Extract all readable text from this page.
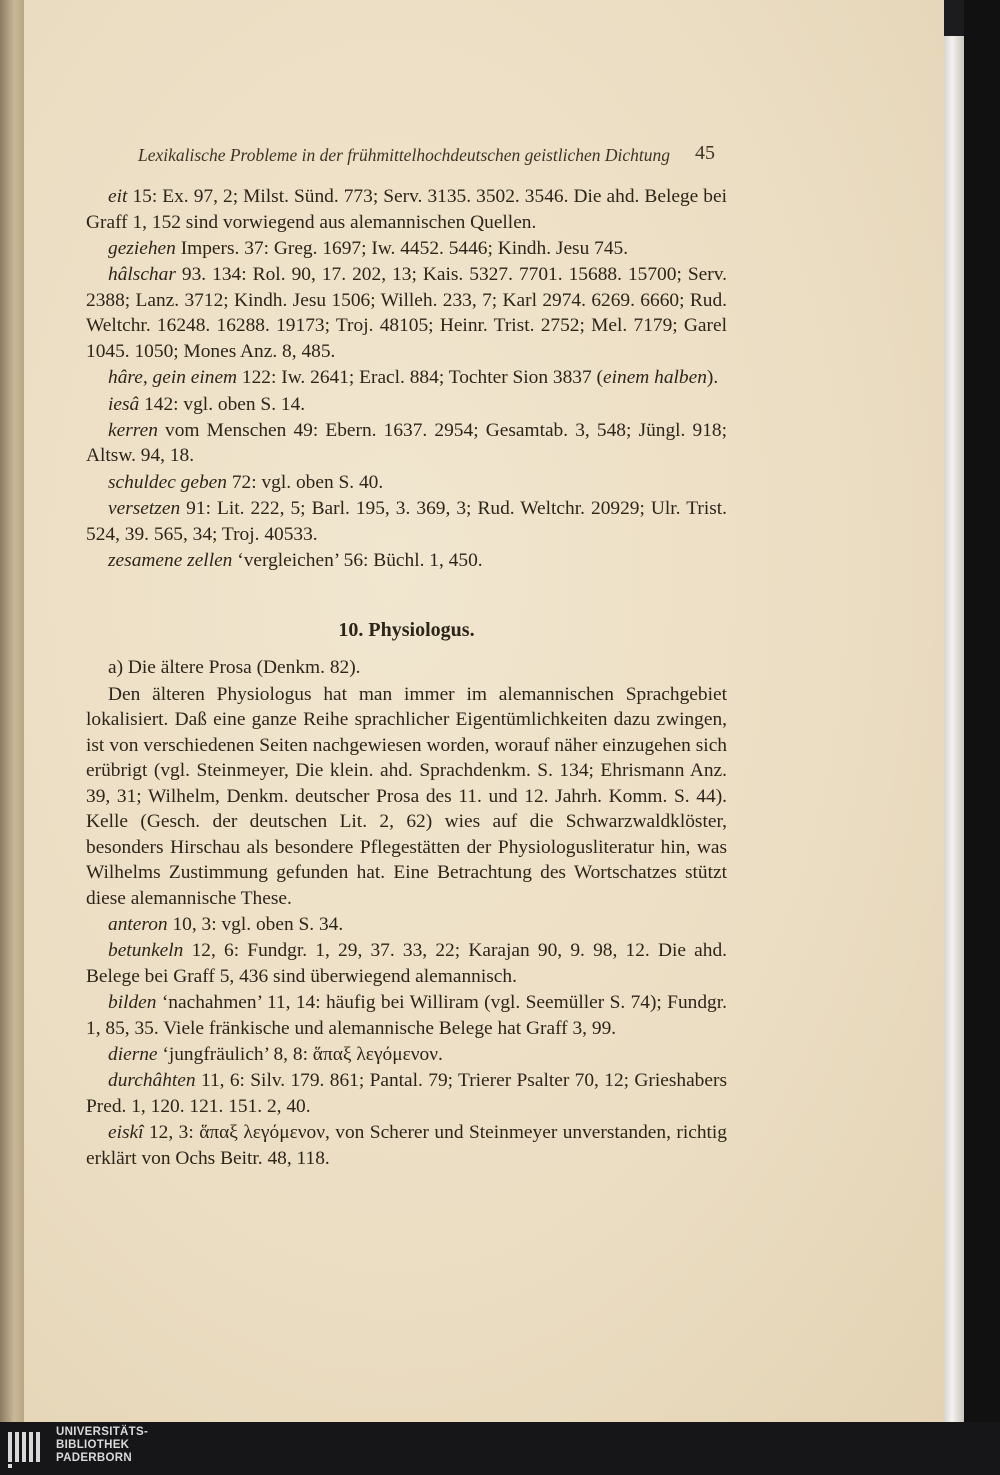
Lexikalische Probleme in der frühmittelhochdeutschen geistlichen Dichtung	45

eit 15: Ex. 97, 2; Milst. Sünd. 773; Serv. 3135. 3502. 3546. Die ahd. Belege bei Graff 1, 152 sind vorwiegend aus alemannischen Quellen.

geziehen Impers. 37: Greg. 1697; Iw. 4452. 5446; Kindh. Jesu 745.

hâlschar 93. 134: Rol. 90, 17. 202, 13; Kais. 5327. 7701. 15688. 15700; Serv. 2388; Lanz. 3712; Kindh. Jesu 1506; Willeh. 233, 7; Karl 2974. 6269. 6660; Rud. Weltchr. 16248. 16288. 19173; Troj. 48105; Heinr. Trist. 2752; Mel. 7179; Garel 1045. 1050; Mones Anz. 8, 485.

hâre, gein einem 122: Iw. 2641; Eracl. 884; Tochter Sion 3837 (einem halben).

iesâ 142: vgl. oben S. 14.

kerren vom Menschen 49: Ebern. 1637. 2954; Gesamtab. 3, 548; Jüngl. 918; Altsw. 94, 18.

schuldec geben 72: vgl. oben S. 40.

versetzen 91: Lit. 222, 5; Barl. 195, 3. 369, 3; Rud. Weltchr. 20929; Ulr. Trist. 524, 39. 565, 34; Troj. 40533.

zesamene zellen ‘vergleichen’ 56: Büchl. 1, 450.

10. Physiologus.

a) Die ältere Prosa (Denkm. 82).

Den älteren Physiologus hat man immer im alemannischen Sprachgebiet lokalisiert. Daß eine ganze Reihe sprachlicher Eigentümlichkeiten dazu zwingen, ist von verschiedenen Seiten nachgewiesen worden, worauf näher einzugehen sich erübrigt (vgl. Steinmeyer, Die klein. ahd. Sprachdenkm. S. 134; Ehrismann Anz. 39, 31; Wilhelm, Denkm. deutscher Prosa des 11. und 12. Jahrh. Komm. S. 44). Kelle (Gesch. der deutschen Lit. 2, 62) wies auf die Schwarzwaldklöster, besonders Hirschau als besondere Pflegestätten der Physiologusliteratur hin, was Wilhelms Zustimmung gefunden hat. Eine Betrachtung des Wortschatzes stützt diese alemannische These.

anteron 10, 3: vgl. oben S. 34.

betunkeln 12, 6: Fundgr. 1, 29, 37. 33, 22; Karajan 90, 9. 98, 12. Die ahd. Belege bei Graff 5, 436 sind überwiegend alemannisch.

bilden ‘nachahmen’ 11, 14: häufig bei Williram (vgl. Seemüller S. 74); Fundgr. 1, 85, 35. Viele fränkische und alemannische Belege hat Graff 3, 99.

dierne ‘jungfräulich’ 8, 8: ἅπαξ λεγόμενον.

durchâhten 11, 6: Silv. 179. 861; Pantal. 79; Trierer Psalter 70, 12; Grieshabers Pred. 1, 120. 121. 151. 2, 40.

eiskî 12, 3: ἅπαξ λεγόμενον, von Scherer und Steinmeyer unverstanden, richtig erklärt von Ochs Beitr. 48, 118.

UNIVERSITÄTS-
BIBLIOTHEK
PADERBORN
